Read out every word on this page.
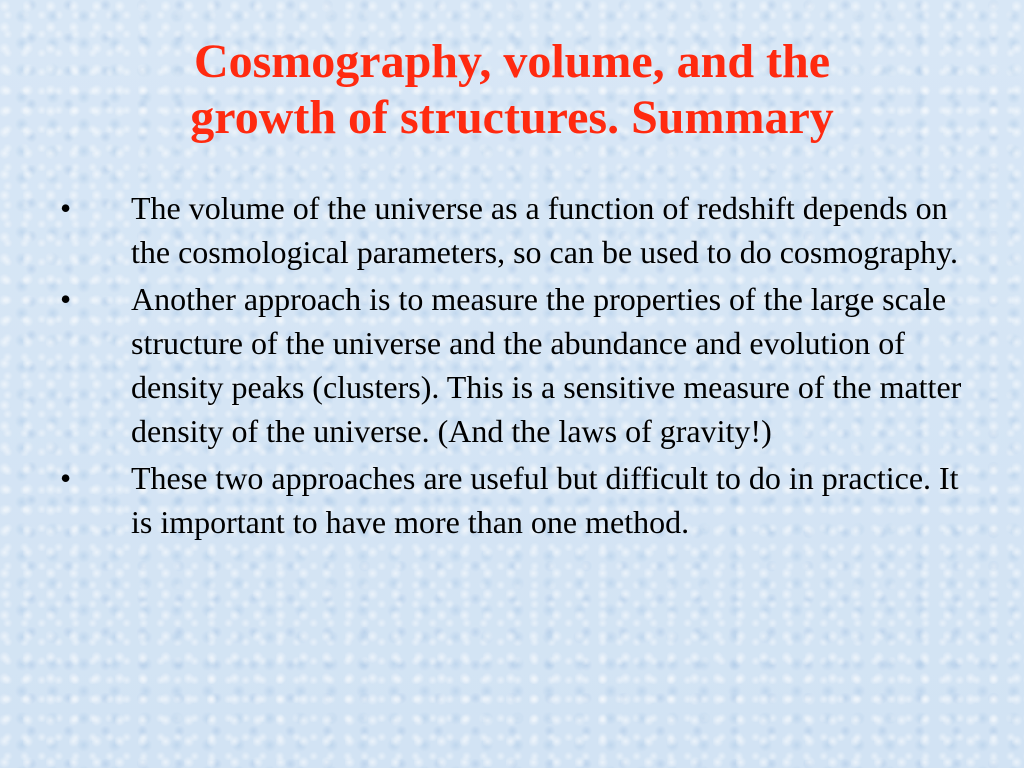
Cosmography, volume, and the
growth of structures. Summary
• The volume of the universe as a function of redshift depends on the cosmological parameters, so can be used to do cosmography.
• Another approach is to measure the properties of the large scale structure of the universe and the abundance and evolution of density peaks (clusters). This is a sensitive measure of the matter density of the universe. (And the laws of gravity!)
• These two approaches are useful but difficult to do in practice. It is important to have more than one method.
